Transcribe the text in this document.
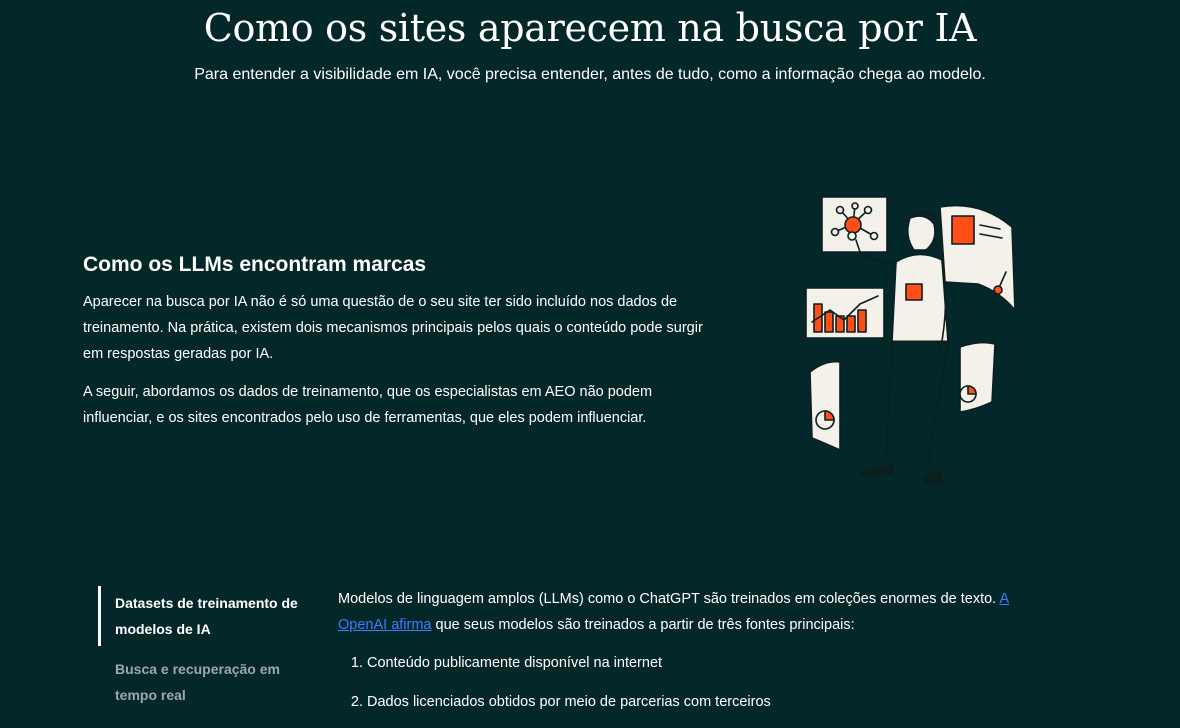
Como os sites aparecem na busca por IA

Para entender a visibilidade em IA, você precisa entender, antes de tudo, como a informação chega ao modelo.

Como os LLMs encontram marcas

Aparecer na busca por IA não é só uma questão de o seu site ter sido incluído nos dados de treinamento. Na prática, existem dois mecanismos principais pelos quais o conteúdo pode surgir em respostas geradas por IA.

A seguir, abordamos os dados de treinamento, que os especialistas em AEO não podem influenciar, e os sites encontrados pelo uso de ferramentas, que eles podem influenciar.

Datasets de treinamento de modelos de IA
Busca e recuperação em tempo real

Modelos de linguagem amplos (LLMs) como o ChatGPT são treinados em coleções enormes de texto. A OpenAI afirma que seus modelos são treinados a partir de três fontes principais:

1. Conteúdo publicamente disponível na internet
2. Dados licenciados obtidos por meio de parcerias com terceiros
